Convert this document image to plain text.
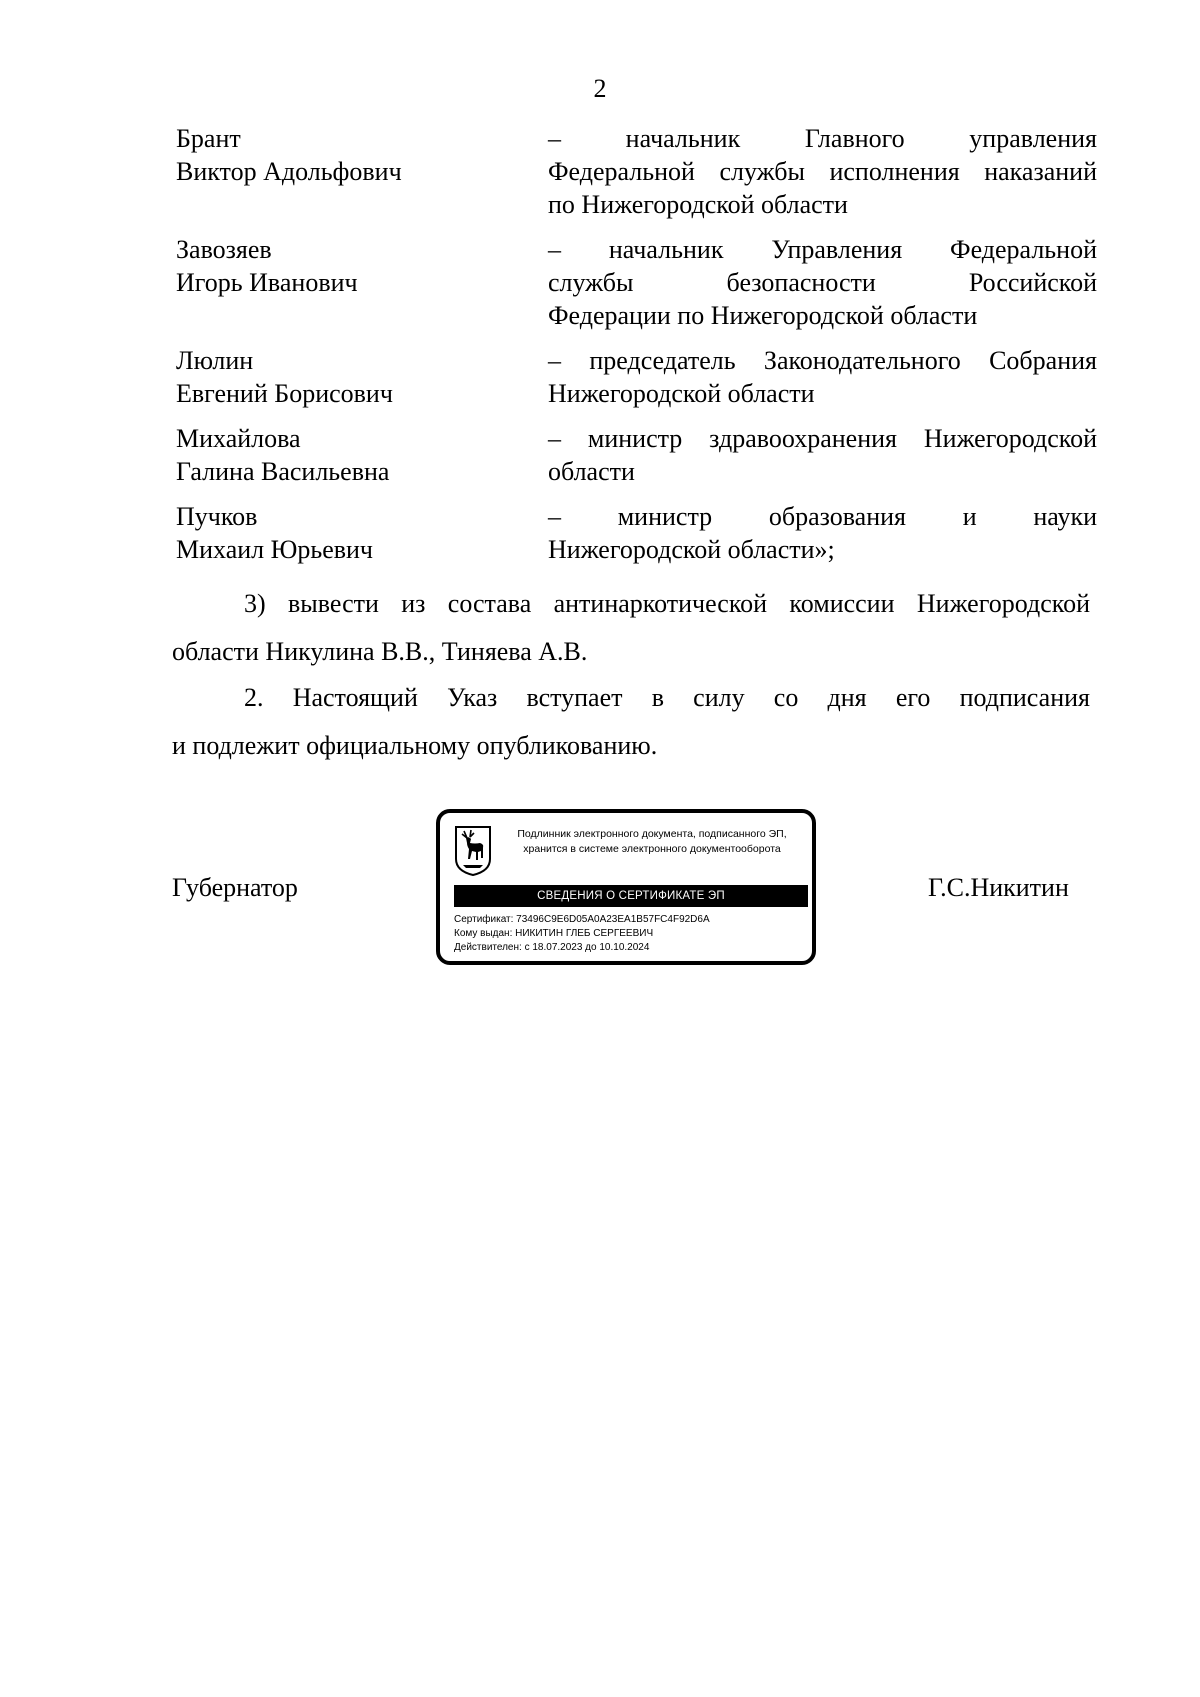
2
Брант
Виктор Адольфович
– начальник Главного управления
Федеральной службы исполнения наказаний
по Нижегородской области
Завозяев
Игорь Иванович
– начальник Управления Федеральной
службы безопасности Российской
Федерации по Нижегородской области
Люлин
Евгений Борисович
– председатель Законодательного Собрания
Нижегородской области
Михайлова
Галина Васильевна
– министр здравоохранения Нижегородской
области
Пучков
Михаил Юрьевич
– министр образования и науки
Нижегородской области»;
3) вывести из состава антинаркотической комиссии Нижегородской
области Никулина В.В., Тиняева А.В.
2. Настоящий Указ вступает в силу со дня его подписания
и подлежит официальному опубликованию.
Губернатор	Г.С.Никитин
Подлинник электронного документа, подписанного ЭП,
хранится в системе электронного документооборота
СВЕДЕНИЯ О СЕРТИФИКАТЕ ЭП
Сертификат: 73496C9E6D05A0A23EA1B57FC4F92D6A
Кому выдан: НИКИТИН ГЛЕБ СЕРГЕЕВИЧ
Действителен: с 18.07.2023 до 10.10.2024
